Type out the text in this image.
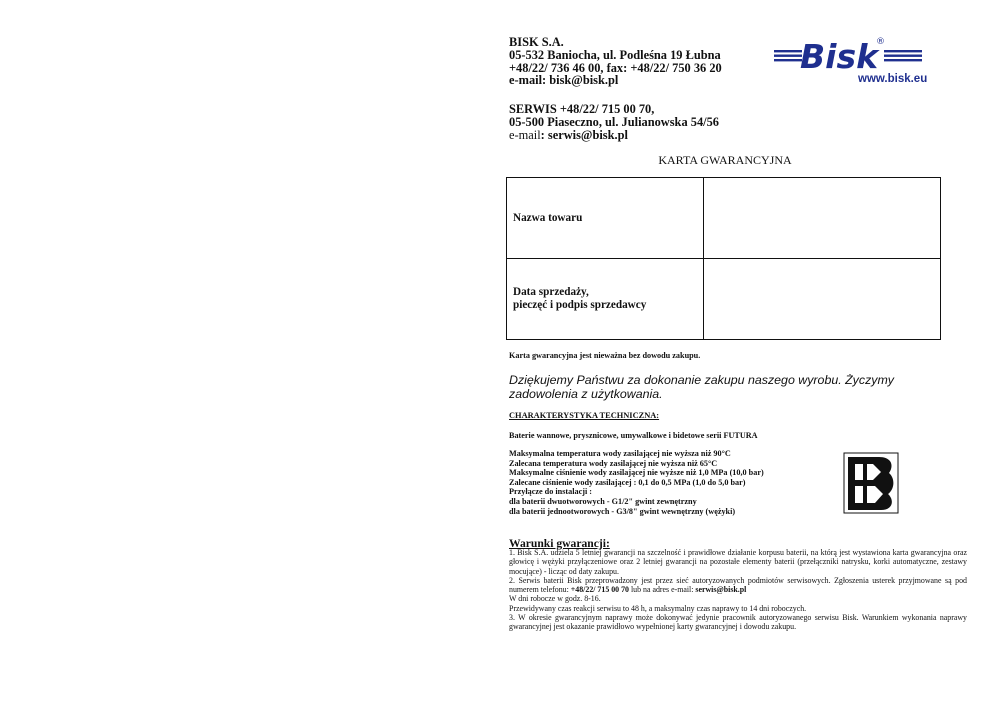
BISK S.A.
05-532 Baniocha, ul. Podleśna 19 Łubna
+48/22/ 736 46 00, fax: +48/22/ 750 36 20
e-mail: bisk@bisk.pl
SERWIS +48/22/ 715 00 70,
05-500 Piaseczno, ul. Julianowska 54/56
e-mail: serwis@bisk.pl
Bisk
®
www.bisk.eu
KARTA GWARANCYJNA
Nazwa towaru	
Data sprzedaży,
pieczęć i podpis sprzedawcy	
Karta gwarancyjna jest nieważna bez dowodu zakupu.
Dziękujemy Państwu za dokonanie zakupu naszego wyrobu. Życzymy zadowolenia z użytkowania.
CHARAKTERYSTYKA TECHNICZNA:
Baterie wannowe, prysznicowe, umywalkowe i bidetowe serii FUTURA
Maksymalna temperatura wody zasilającej nie wyższa niż 90°C
Zalecana temperatura wody zasilającej nie wyższa niż 65°C
Maksymalne ciśnienie wody zasilającej nie wyższe niż 1,0 MPa (10,0 bar)
Zalecane ciśnienie wody zasilającej : 0,1 do 0,5 MPa (1,0 do 5,0 bar)
Przyłącze do instalacji :
dla baterii dwuotworowych - G1/2" gwint zewnętrzny
dla baterii jednootworowych - G3/8" gwint wewnętrzny (wężyki)
Warunki gwarancji:

1. Bisk S.A. udziela 5 letniej gwarancji na szczelność i prawidłowe działanie korpusu baterii, na którą jest wystawiona karta gwarancyjna oraz głowicę i wężyki przyłączeniowe oraz 2 letniej gwarancji na pozostałe elementy baterii (przełączniki natrysku, korki automatyczne, zestawy mocujące) - licząc od daty zakupu.

2. Serwis baterii Bisk przeprowadzony jest przez sieć autoryzowanych podmiotów serwisowych. Zgłoszenia usterek przyjmowane są pod numerem telefonu: +48/22/ 715 00 70 lub na adres e-mail: serwis@bisk.pl

W dni robocze w godz. 8-16.

Przewidywany czas reakcji serwisu to 48 h, a maksymalny czas naprawy to 14 dni roboczych.

3. W okresie gwarancyjnym naprawy może dokonywać jedynie pracownik autoryzowanego serwisu Bisk. Warunkiem wykonania naprawy gwarancyjnej jest okazanie prawidłowo wypełnionej karty gwarancyjnej i dowodu zakupu.
